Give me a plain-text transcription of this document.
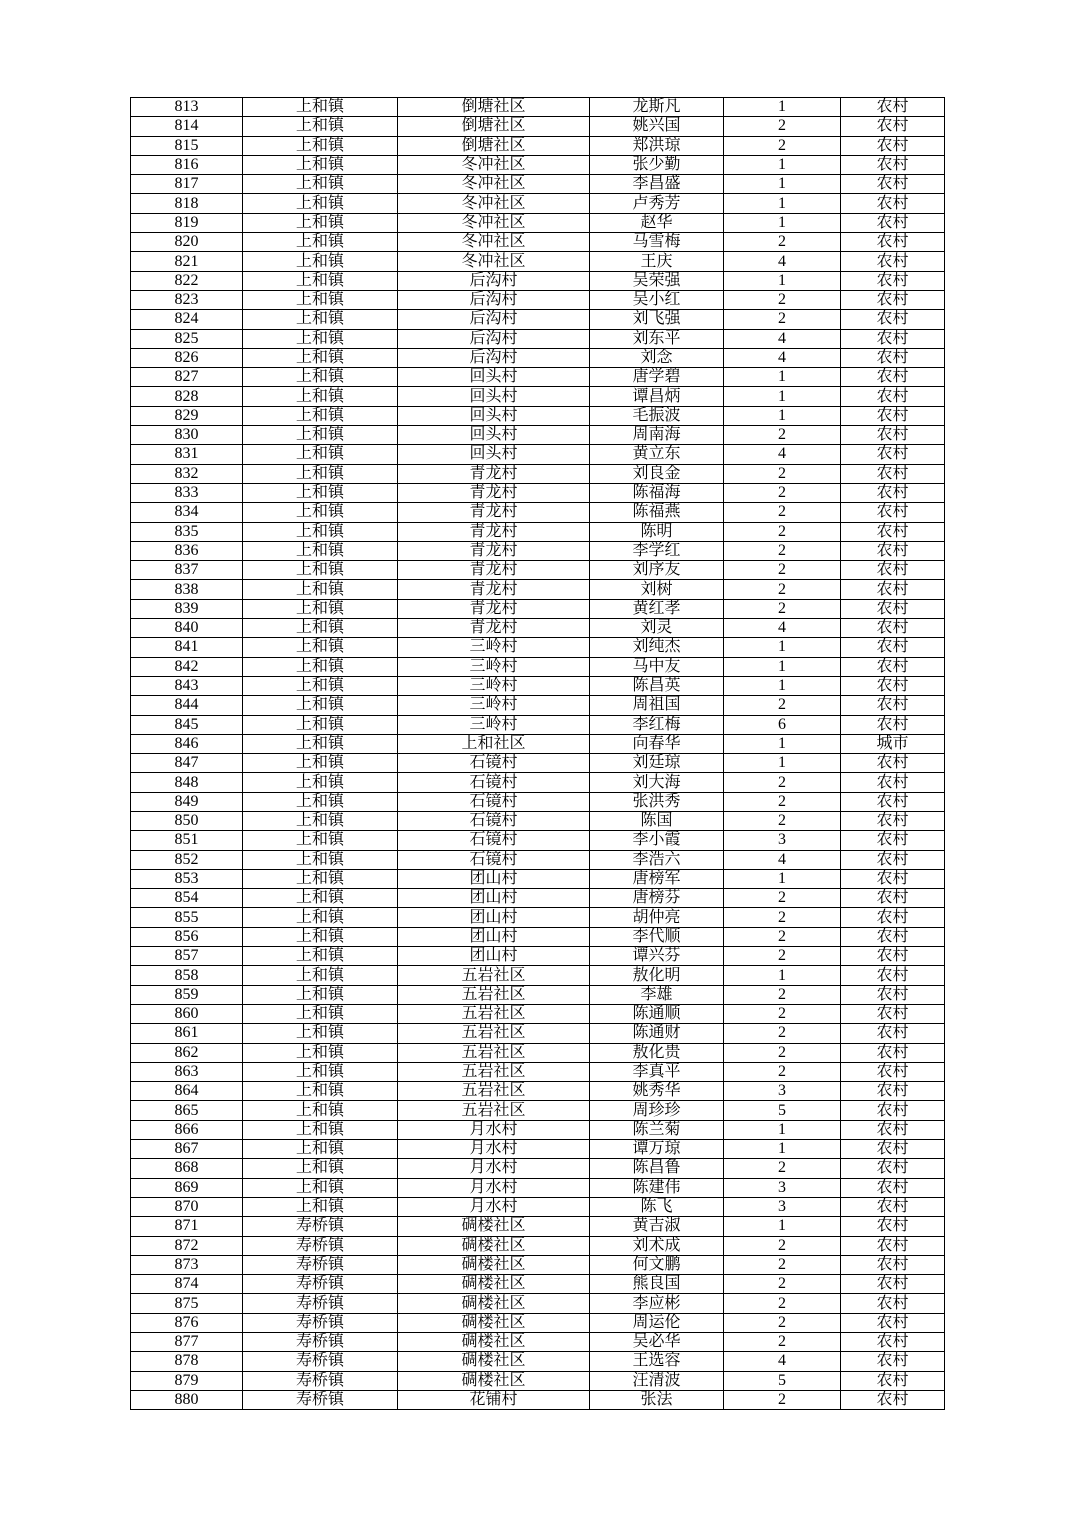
813	上和镇	倒塘社区	龙斯凡	1	农村
814	上和镇	倒塘社区	姚兴国	2	农村
815	上和镇	倒塘社区	郑洪琼	2	农村
816	上和镇	冬冲社区	张少勤	1	农村
817	上和镇	冬冲社区	李昌盛	1	农村
818	上和镇	冬冲社区	卢秀芳	1	农村
819	上和镇	冬冲社区	赵华	1	农村
820	上和镇	冬冲社区	马雪梅	2	农村
821	上和镇	冬冲社区	王庆	4	农村
822	上和镇	后沟村	吴荣强	1	农村
823	上和镇	后沟村	吴小红	2	农村
824	上和镇	后沟村	刘飞强	2	农村
825	上和镇	后沟村	刘东平	4	农村
826	上和镇	后沟村	刘念	4	农村
827	上和镇	回头村	唐学碧	1	农村
828	上和镇	回头村	谭昌炳	1	农村
829	上和镇	回头村	毛振波	1	农村
830	上和镇	回头村	周南海	2	农村
831	上和镇	回头村	黄立东	4	农村
832	上和镇	青龙村	刘良金	2	农村
833	上和镇	青龙村	陈福海	2	农村
834	上和镇	青龙村	陈福燕	2	农村
835	上和镇	青龙村	陈明	2	农村
836	上和镇	青龙村	李学红	2	农村
837	上和镇	青龙村	刘序友	2	农村
838	上和镇	青龙村	刘树	2	农村
839	上和镇	青龙村	黄红孝	2	农村
840	上和镇	青龙村	刘灵	4	农村
841	上和镇	三岭村	刘纯杰	1	农村
842	上和镇	三岭村	马中友	1	农村
843	上和镇	三岭村	陈昌英	1	农村
844	上和镇	三岭村	周祖国	2	农村
845	上和镇	三岭村	李红梅	6	农村
846	上和镇	上和社区	向春华	1	城市
847	上和镇	石镜村	刘廷琼	1	农村
848	上和镇	石镜村	刘大海	2	农村
849	上和镇	石镜村	张洪秀	2	农村
850	上和镇	石镜村	陈国	2	农村
851	上和镇	石镜村	李小霞	3	农村
852	上和镇	石镜村	李浩六	4	农村
853	上和镇	团山村	唐榜军	1	农村
854	上和镇	团山村	唐榜芬	2	农村
855	上和镇	团山村	胡仲亮	2	农村
856	上和镇	团山村	李代顺	2	农村
857	上和镇	团山村	谭兴芬	2	农村
858	上和镇	五岩社区	敖化明	1	农村
859	上和镇	五岩社区	李雄	2	农村
860	上和镇	五岩社区	陈通顺	2	农村
861	上和镇	五岩社区	陈通财	2	农村
862	上和镇	五岩社区	敖化贵	2	农村
863	上和镇	五岩社区	李真平	2	农村
864	上和镇	五岩社区	姚秀华	3	农村
865	上和镇	五岩社区	周珍珍	5	农村
866	上和镇	月水村	陈兰菊	1	农村
867	上和镇	月水村	谭万琼	1	农村
868	上和镇	月水村	陈昌鲁	2	农村
869	上和镇	月水村	陈建伟	3	农村
870	上和镇	月水村	陈飞	3	农村
871	寿桥镇	碉楼社区	黄吉淑	1	农村
872	寿桥镇	碉楼社区	刘术成	2	农村
873	寿桥镇	碉楼社区	何文鹏	2	农村
874	寿桥镇	碉楼社区	熊良国	2	农村
875	寿桥镇	碉楼社区	李应彬	2	农村
876	寿桥镇	碉楼社区	周运伦	2	农村
877	寿桥镇	碉楼社区	吴必华	2	农村
878	寿桥镇	碉楼社区	王选容	4	农村
879	寿桥镇	碉楼社区	汪清波	5	农村
880	寿桥镇	花铺村	张法	2	农村
